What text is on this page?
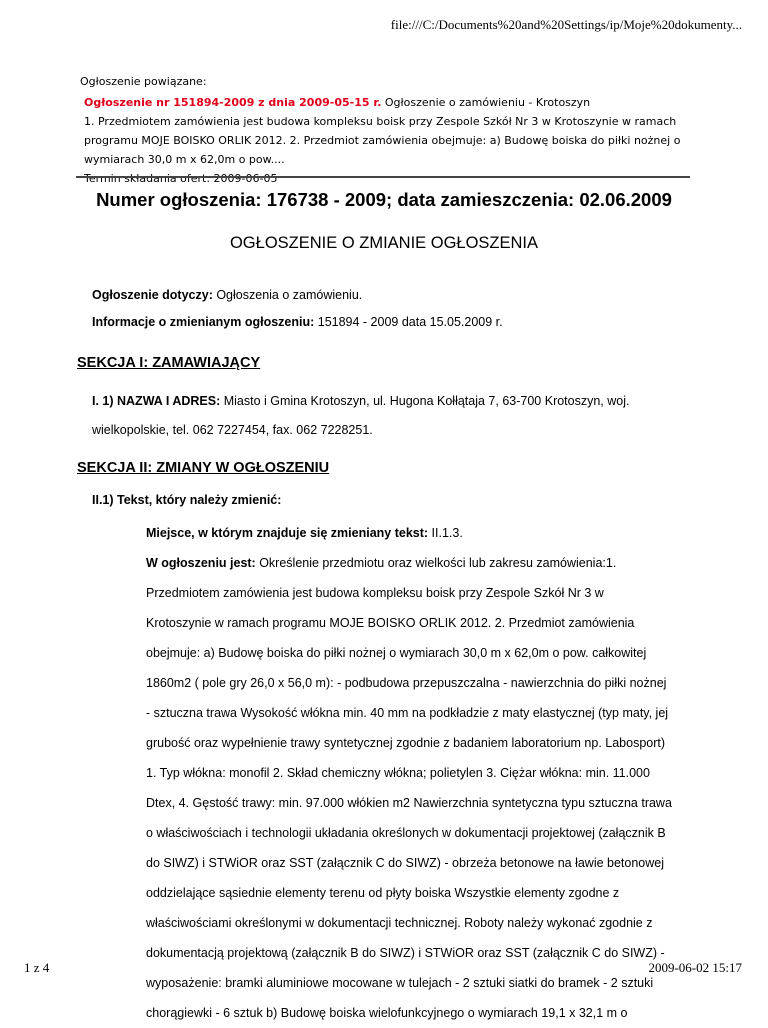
file:///C:/Documents%20and%20Settings/ip/Moje%20dokumenty...
Ogłoszenie powiązane:
Ogłoszenie nr 151894-2009 z dnia 2009-05-15 r. Ogłoszenie o zamówieniu - Krotoszyn
1. Przedmiotem zamówienia jest budowa kompleksu boisk przy Zespole Szkół Nr 3 w Krotoszynie w ramach
programu MOJE BOISKO ORLIK 2012. 2. Przedmiot zamówienia obejmuje: a) Budowę boiska do piłki nożnej o
wymiarach 30,0 m x 62,0m o pow....
Termin składania ofert: 2009-06-05
Numer ogłoszenia: 176738 - 2009; data zamieszczenia: 02.06.2009
OGŁOSZENIE O ZMIANIE OGŁOSZENIA
Ogłoszenie dotyczy: Ogłoszenia o zamówieniu.
Informacje o zmienianym ogłoszeniu: 151894 - 2009 data 15.05.2009 r.
SEKCJA I: ZAMAWIAJĄCY
I. 1) NAZWA I ADRES: Miasto i Gmina Krotoszyn, ul. Hugona Kołłątaja 7, 63-700 Krotoszyn, woj.
wielkopolskie, tel. 062 7227454, fax. 062 7228251.
SEKCJA II: ZMIANY W OGŁOSZENIU
II.1) Tekst, który należy zmienić:
Miejsce, w którym znajduje się zmieniany tekst: II.1.3.
W ogłoszeniu jest: Określenie przedmiotu oraz wielkości lub zakresu zamówienia:1.
Przedmiotem zamówienia jest budowa kompleksu boisk przy Zespole Szkół Nr 3 w
Krotoszynie w ramach programu MOJE BOISKO ORLIK 2012. 2. Przedmiot zamówienia
obejmuje: a) Budowę boiska do piłki nożnej o wymiarach 30,0 m x 62,0m o pow. całkowitej
1860m2 ( pole gry 26,0 x 56,0 m): - podbudowa przepuszczalna - nawierzchnia do piłki nożnej
- sztuczna trawa Wysokość włókna min. 40 mm na podkładzie z maty elastycznej (typ maty, jej
grubość oraz wypełnienie trawy syntetycznej zgodnie z badaniem laboratorium np. Labosport)
1. Typ włókna: monofil 2. Skład chemiczny włókna; polietylen 3. Ciężar włókna: min. 11.000
Dtex, 4. Gęstość trawy: min. 97.000 włókien m2 Nawierzchnia syntetyczna typu sztuczna trawa
o właściwościach i technologii układania określonych w dokumentacji projektowej (załącznik B
do SIWZ) i STWiOR oraz SST (załącznik C do SIWZ) - obrzeża betonowe na ławie betonowej
oddzielające sąsiednie elementy terenu od płyty boiska Wszystkie elementy zgodne z
właściwościami określonymi w dokumentacji technicznej. Roboty należy wykonać zgodnie z
dokumentacją projektową (załącznik B do SIWZ) i STWiOR oraz SST (załącznik C do SIWZ) -
wyposażenie: bramki aluminiowe mocowane w tulejach - 2 sztuki siatki do bramek - 2 sztuki
chorągiewki - 6 sztuk b) Budowę boiska wielofunkcyjnego o wymiarach 19,1 x 32,1 m o
1 z 4	2009-06-02 15:17
